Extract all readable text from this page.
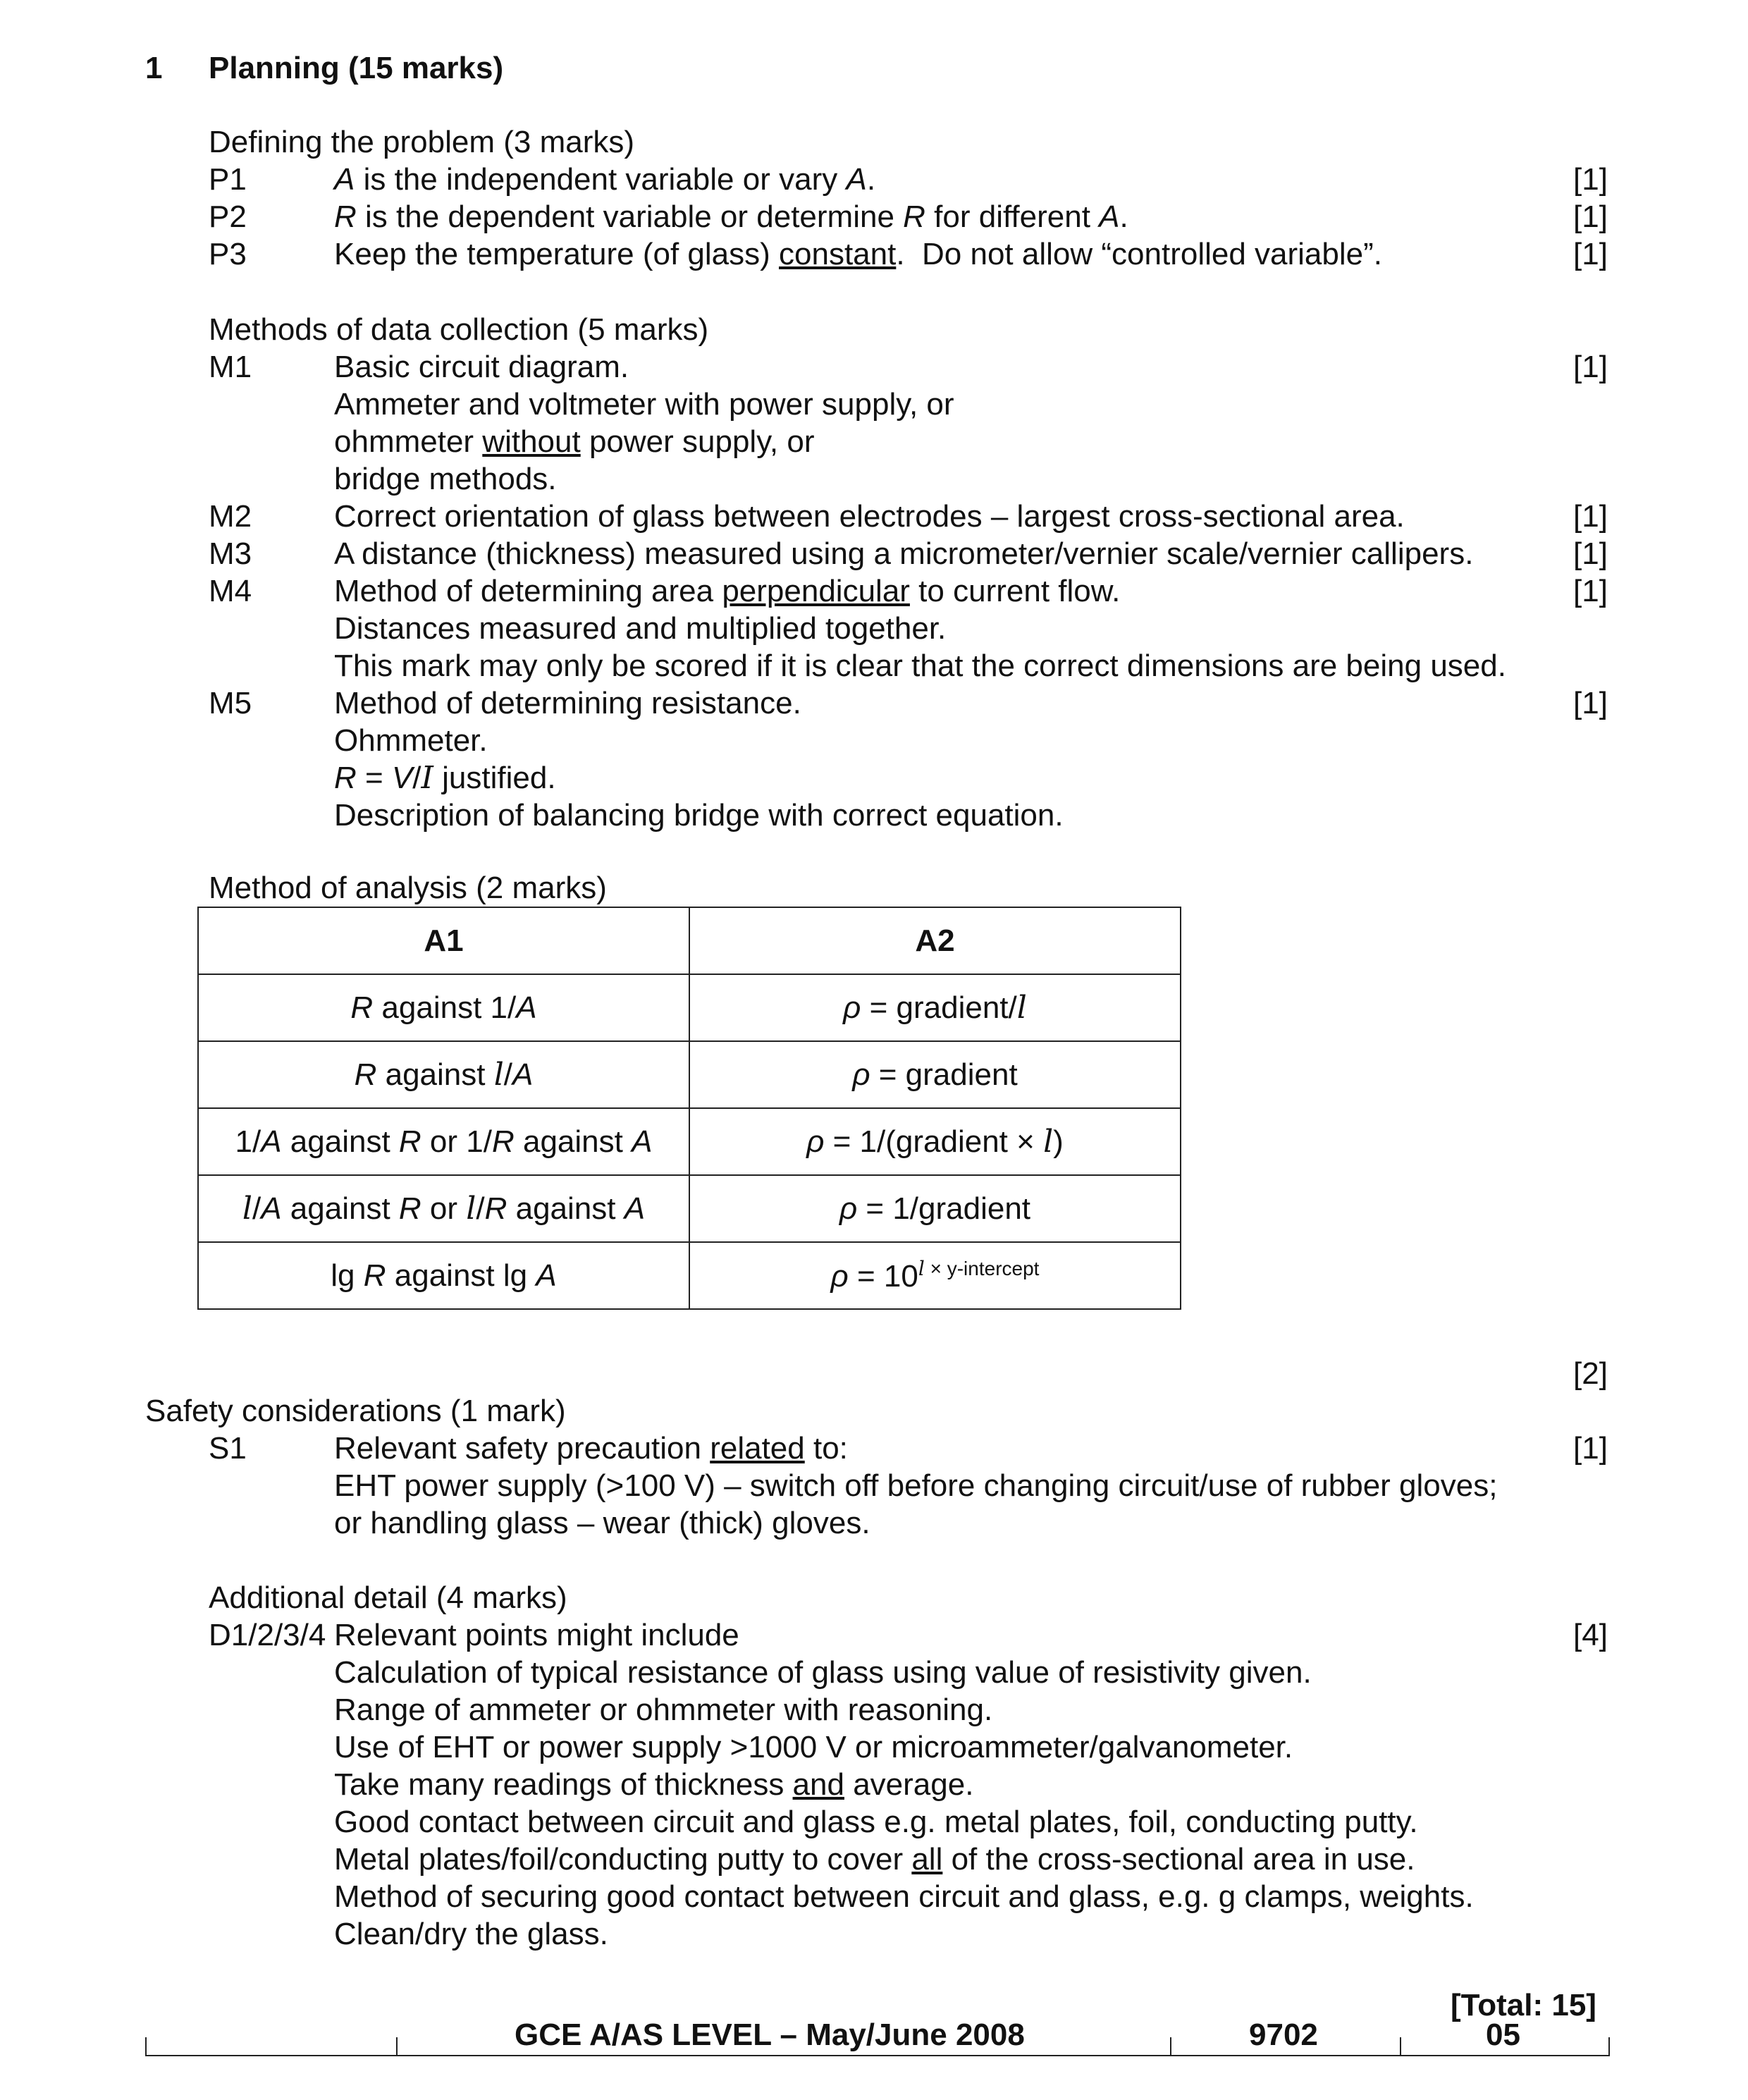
1 Planning (15 marks)
Defining the problem (3 marks)
P1	A is the independent variable or vary A.	[1]
P2	R is the dependent variable or determine R for different A.	[1]
P3	Keep the temperature (of glass) constant.  Do not allow “controlled variable”.	[1]
Methods of data collection (5 marks)
M1	Basic circuit diagram.	[1]
Ammeter and voltmeter with power supply, or
ohmmeter without power supply, or
bridge methods.
M2	Correct orientation of glass between electrodes – largest cross-sectional area.	[1]
M3	A distance (thickness) measured using a micrometer/vernier scale/vernier callipers.	[1]
M4	Method of determining area perpendicular to current flow.	[1]
Distances measured and multiplied together.
This mark may only be scored if it is clear that the correct dimensions are being used.
M5	Method of determining resistance.	[1]
Ohmmeter.
R = V/I justified.
Description of balancing bridge with correct equation.
Method of analysis (2 marks)
A1	A2
R against 1/A	ρ = gradient/l
R against l/A	ρ = gradient
1/A against R or 1/R against A	ρ = 1/(gradient × l)
l/A against R or l/R against A	ρ = 1/gradient
lg R against lg A	$\rho = 10^{l \times y-intercept}$
[2]
Safety considerations (1 mark)
S1	Relevant safety precaution related to:	[1]
EHT power supply (>100 V) – switch off before changing circuit/use of rubber gloves;
or handling glass – wear (thick) gloves.
Additional detail (4 marks)
D1/2/3/4 Relevant points might include	[4]
Calculation of typical resistance of glass using value of resistivity given.
Range of ammeter or ohmmeter with reasoning.
Use of EHT or power supply >1000 V or microammeter/galvanometer.
Take many readings of thickness and average.
Good contact between circuit and glass e.g. metal plates, foil, conducting putty.
Metal plates/foil/conducting putty to cover all of the cross-sectional area in use.
Method of securing good contact between circuit and glass, e.g. g clamps, weights.
Clean/dry the glass.
[Total: 15]
GCE A/AS LEVEL – May/June 2008	9702	05
